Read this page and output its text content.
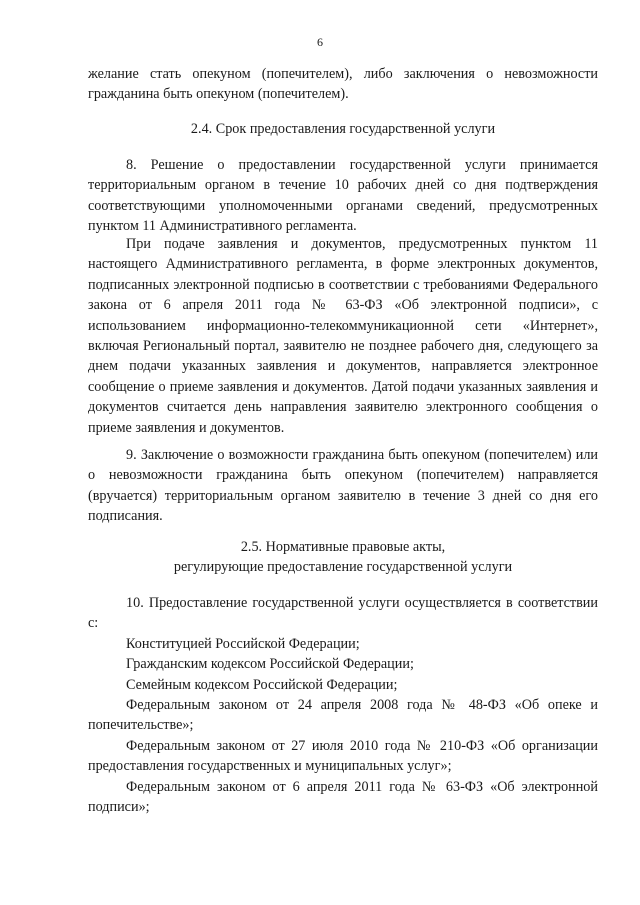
6

желание стать опекуном (попечителем), либо заключения о невозможности

гражданина быть опекуном (попечителем).

2.4. Срок предоставления государственной услуги

8. Решение о предоставлении государственной услуги принимается территориальным органом в течение 10 рабочих дней со дня подтверждения соответствующими уполномоченными органами сведений, предусмотренных пунктом 11 Административного регламента.

При подаче заявления и документов, предусмотренных пунктом 11 настоящего Административного регламента, в форме электронных документов, подписанных электронной подписью в соответствии с требованиями Федерального закона от 6 апреля 2011 года № 63-ФЗ «Об электронной подписи», с использованием информационно-телекоммуникационной сети «Интернет», включая Региональный портал, заявителю не позднее рабочего дня, следующего за днем подачи указанных заявления и документов, направляется электронное сообщение о приеме заявления и документов. Датой подачи указанных заявления и документов считается день направления заявителю электронного сообщения о приеме заявления и документов.

9. Заключение о возможности гражданина быть опекуном (попечителем) или о невозможности гражданина быть опекуном (попечителем) направляется (вручается) территориальным органом заявителю в течение 3 дней со дня его подписания.

2.5. Нормативные правовые акты,

регулирующие предоставление государственной услуги

10. Предоставление государственной услуги осуществляется в соответствии с:

Конституцией Российской Федерации;

Гражданским кодексом Российской Федерации;

Семейным кодексом Российской Федерации;

Федеральным законом от 24 апреля 2008 года № 48-ФЗ «Об опеке и попечительстве»;

Федеральным законом от 27 июля 2010 года № 210-ФЗ «Об организации предоставления государственных и муниципальных услуг»;

Федеральным законом от 6 апреля 2011 года № 63-ФЗ «Об электронной подписи»;
